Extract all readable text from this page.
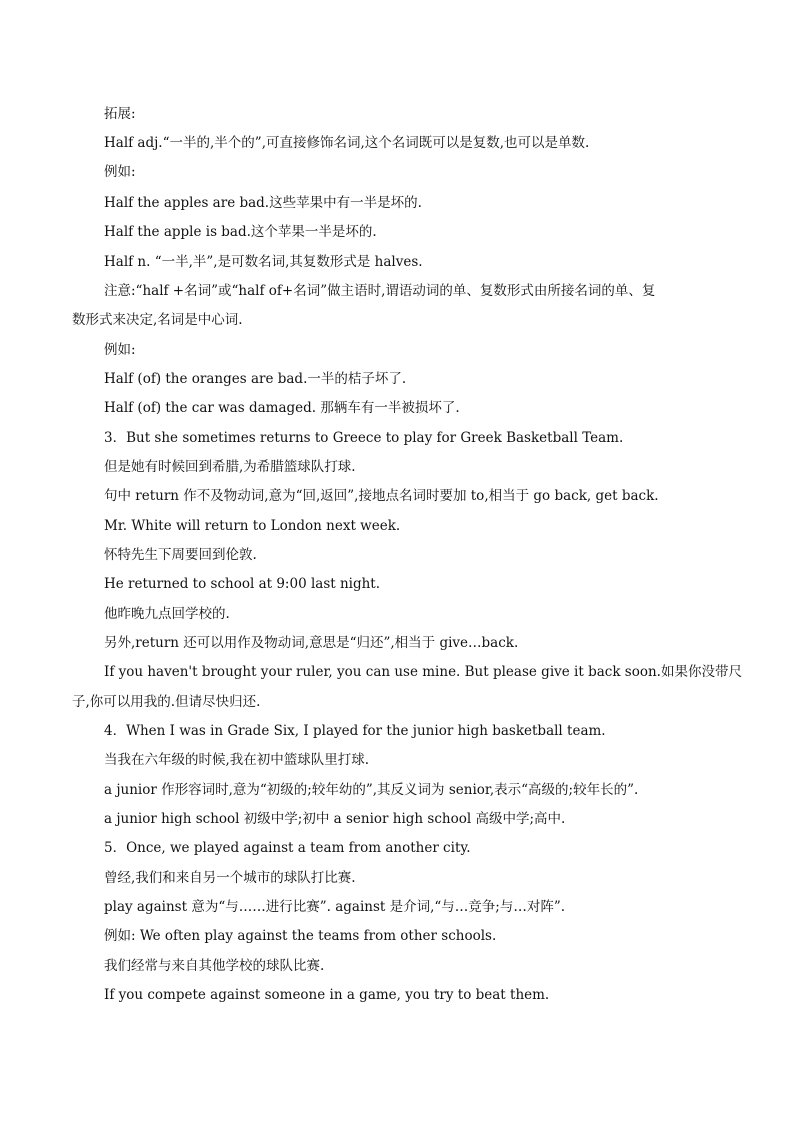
拓展:
Half adj.“一半的,半个的”,可直接修饰名词,这个名词既可以是复数,也可以是单数.
例如:
Half the apples are bad.这些苹果中有一半是坏的.
Half the apple is bad.这个苹果一半是坏的.
Half n. “一半,半”,是可数名词,其复数形式是 halves.
注意:“half +名词”或“half of+名词”做主语时,谓语动词的单、复数形式由所接名词的单、复
数形式来决定,名词是中心词.
例如:
Half (of) the oranges are bad.一半的桔子坏了.
Half (of) the car was damaged. 那辆车有一半被损坏了.
3．But she sometimes returns to Greece to play for Greek Basketball Team.
但是她有时候回到希腊,为希腊篮球队打球.
句中 return 作不及物动词,意为“回,返回”,接地点名词时要加 to,相当于 go back, get back.
Mr. White will return to London next week.
怀特先生下周要回到伦敦.
He returned to school at 9:00 last night.
他昨晚九点回学校的.
另外,return 还可以用作及物动词,意思是“归还”,相当于 give…back.
If you haven't brought your ruler, you can use mine. But please give it back soon.如果你没带尺
子,你可以用我的.但请尽快归还.
4．When I was in Grade Six, I played for the junior high basketball team.
当我在六年级的时候,我在初中篮球队里打球.
a junior 作形容词时,意为“初级的;较年幼的”,其反义词为 senior,表示“高级的;较年长的”.
a junior high school 初级中学;初中 a senior high school 高级中学;高中.
5．Once, we played against a team from another city.
曾经,我们和来自另一个城市的球队打比赛.
play against 意为“与……进行比赛”. against 是介词,“与…竞争;与…对阵”.
例如: We often play against the teams from other schools.
我们经常与来自其他学校的球队比赛.
If you compete against someone in a game, you try to beat them.
